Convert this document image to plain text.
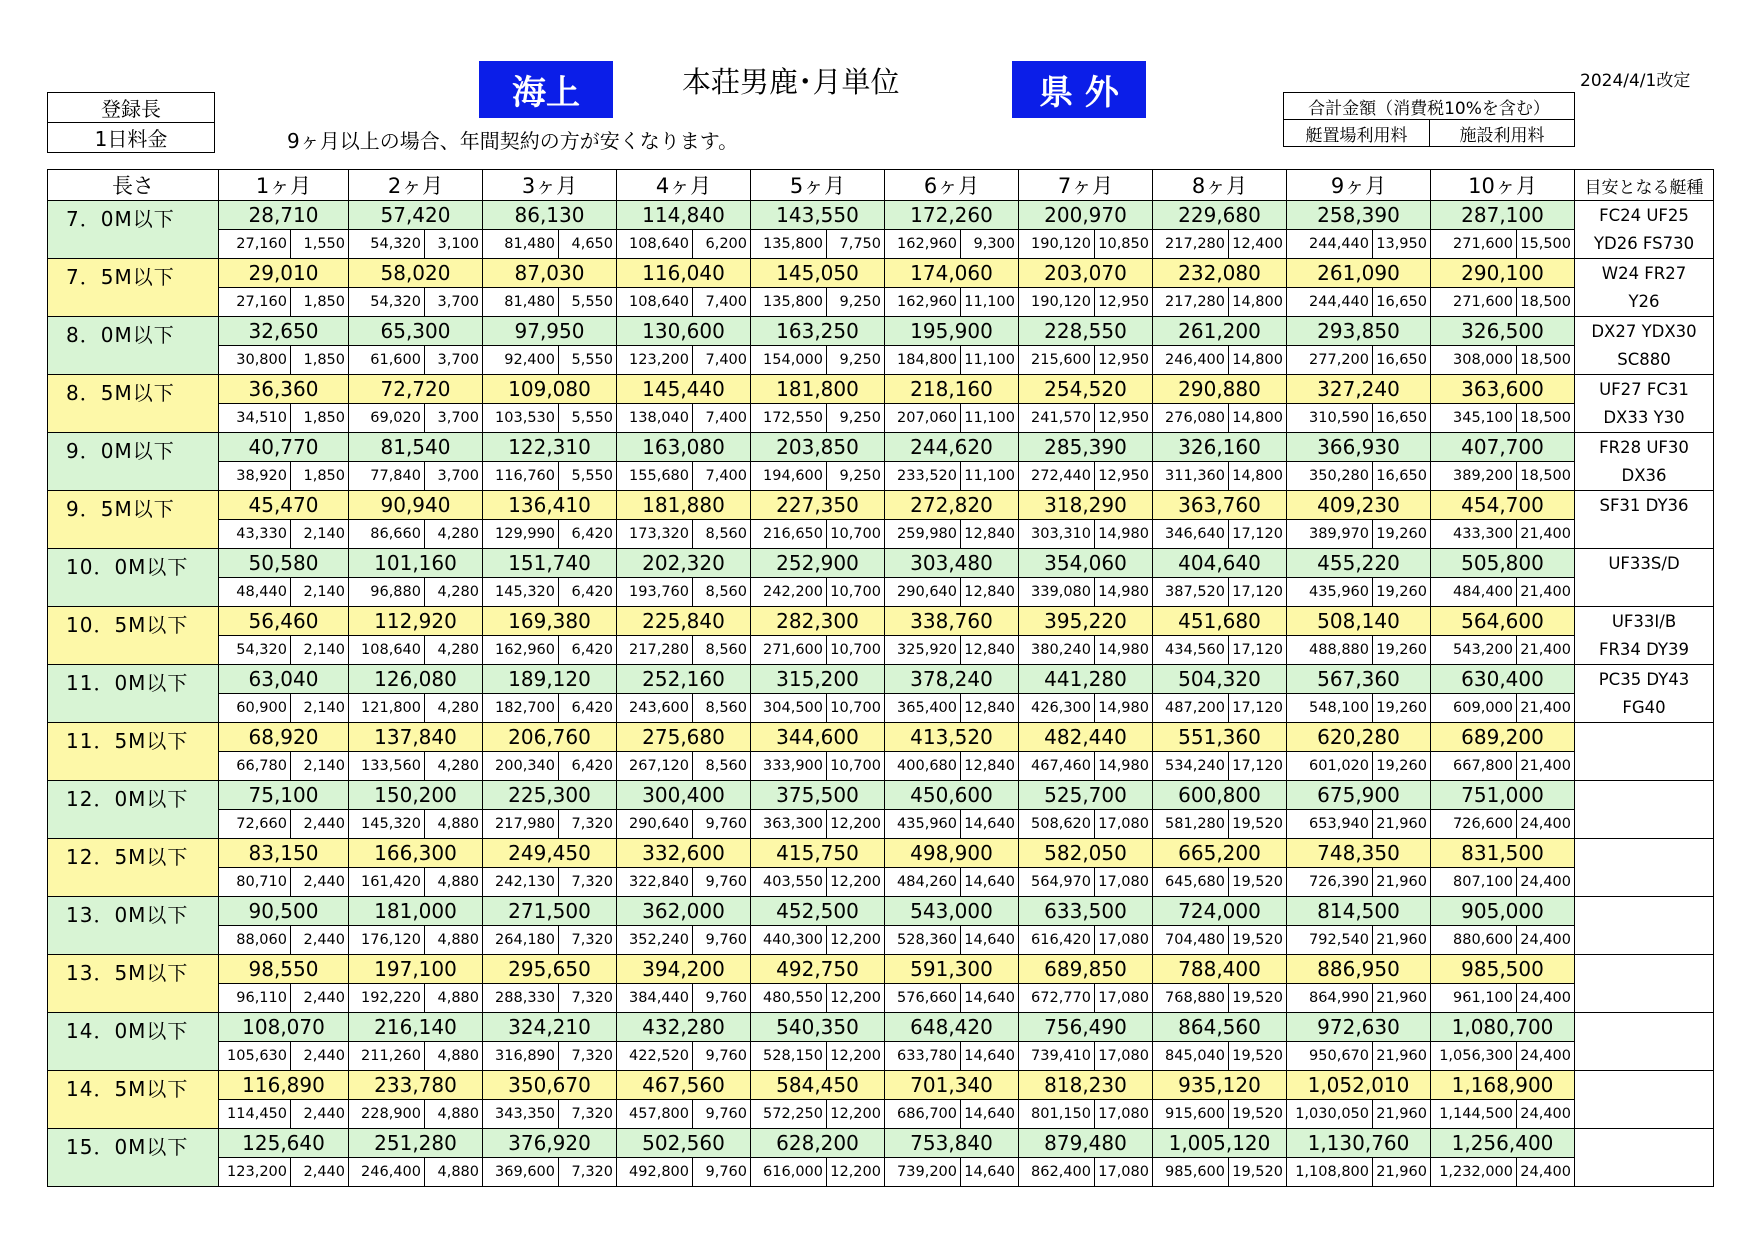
海上	本荘男鹿･月単位	県 外	2024/4/1改定
登録長
1日料金	9ヶ月以上の場合、年間契約の方が安くなります。
合計金額（消費税10%を含む）
艇置場利用料	施設利用料
長さ	1ヶ月		2ヶ月		3ヶ月		4ヶ月		5ヶ月		6ヶ月		7ヶ月		8ヶ月		9ヶ月		10ヶ月		目安となる艇種
7．0M以下	28,710		57,420		86,130		114,840		143,550		172,260		200,970		229,680		258,390		287,100		FC24 UF25
	27,160	1,550	54,320	3,100	81,480	4,650	108,640	6,200	135,800	7,750	162,960	9,300	190,120	10,850	217,280	12,400	244,440	13,950	271,600	15,500	YD26 FS730
7．5M以下	29,010		58,020		87,030		116,040		145,050		174,060		203,070		232,080		261,090		290,100		W24 FR27
	27,160	1,850	54,320	3,700	81,480	5,550	108,640	7,400	135,800	9,250	162,960	11,100	190,120	12,950	217,280	14,800	244,440	16,650	271,600	18,500	Y26
8．0M以下	32,650		65,300		97,950		130,600		163,250		195,900		228,550		261,200		293,850		326,500		DX27 YDX30
	30,800	1,850	61,600	3,700	92,400	5,550	123,200	7,400	154,000	9,250	184,800	11,100	215,600	12,950	246,400	14,800	277,200	16,650	308,000	18,500	SC880
8．5M以下	36,360		72,720		109,080		145,440		181,800		218,160		254,520		290,880		327,240		363,600		UF27 FC31
	34,510	1,850	69,020	3,700	103,530	5,550	138,040	7,400	172,550	9,250	207,060	11,100	241,570	12,950	276,080	14,800	310,590	16,650	345,100	18,500	DX33 Y30
9．0M以下	40,770		81,540		122,310		163,080		203,850		244,620		285,390		326,160		366,930		407,700		FR28 UF30
	38,920	1,850	77,840	3,700	116,760	5,550	155,680	7,400	194,600	9,250	233,520	11,100	272,440	12,950	311,360	14,800	350,280	16,650	389,200	18,500	DX36
9．5M以下	45,470		90,940		136,410		181,880		227,350		272,820		318,290		363,760		409,230		454,700		SF31 DY36
	43,330	2,140	86,660	4,280	129,990	6,420	173,320	8,560	216,650	10,700	259,980	12,840	303,310	14,980	346,640	17,120	389,970	19,260	433,300	21,400	
10．0M以下	50,580		101,160		151,740		202,320		252,900		303,480		354,060		404,640		455,220		505,800		UF33S/D
	48,440	2,140	96,880	4,280	145,320	6,420	193,760	8,560	242,200	10,700	290,640	12,840	339,080	14,980	387,520	17,120	435,960	19,260	484,400	21,400	
10．5M以下	56,460		112,920		169,380		225,840		282,300		338,760		395,220		451,680		508,140		564,600		UF33I/B
	54,320	2,140	108,640	4,280	162,960	6,420	217,280	8,560	271,600	10,700	325,920	12,840	380,240	14,980	434,560	17,120	488,880	19,260	543,200	21,400	FR34 DY39
11．0M以下	63,040		126,080		189,120		252,160		315,200		378,240		441,280		504,320		567,360		630,400		PC35 DY43
	60,900	2,140	121,800	4,280	182,700	6,420	243,600	8,560	304,500	10,700	365,400	12,840	426,300	14,980	487,200	17,120	548,100	19,260	609,000	21,400	FG40
11．5M以下	68,920		137,840		206,760		275,680		344,600		413,520		482,440		551,360		620,280		689,200		
	66,780	2,140	133,560	4,280	200,340	6,420	267,120	8,560	333,900	10,700	400,680	12,840	467,460	14,980	534,240	17,120	601,020	19,260	667,800	21,400	
12．0M以下	75,100		150,200		225,300		300,400		375,500		450,600		525,700		600,800		675,900		751,000		
	72,660	2,440	145,320	4,880	217,980	7,320	290,640	9,760	363,300	12,200	435,960	14,640	508,620	17,080	581,280	19,520	653,940	21,960	726,600	24,400	
12．5M以下	83,150		166,300		249,450		332,600		415,750		498,900		582,050		665,200		748,350		831,500		
	80,710	2,440	161,420	4,880	242,130	7,320	322,840	9,760	403,550	12,200	484,260	14,640	564,970	17,080	645,680	19,520	726,390	21,960	807,100	24,400	
13．0M以下	90,500		181,000		271,500		362,000		452,500		543,000		633,500		724,000		814,500		905,000		
	88,060	2,440	176,120	4,880	264,180	7,320	352,240	9,760	440,300	12,200	528,360	14,640	616,420	17,080	704,480	19,520	792,540	21,960	880,600	24,400	
13．5M以下	98,550		197,100		295,650		394,200		492,750		591,300		689,850		788,400		886,950		985,500		
	96,110	2,440	192,220	4,880	288,330	7,320	384,440	9,760	480,550	12,200	576,660	14,640	672,770	17,080	768,880	19,520	864,990	21,960	961,100	24,400	
14．0M以下	108,070		216,140		324,210		432,280		540,350		648,420		756,490		864,560		972,630		1,080,700		
	105,630	2,440	211,260	4,880	316,890	7,320	422,520	9,760	528,150	12,200	633,780	14,640	739,410	17,080	845,040	19,520	950,670	21,960	1,056,300	24,400	
14．5M以下	116,890		233,780		350,670		467,560		584,450		701,340		818,230		935,120		1,052,010		1,168,900		
	114,450	2,440	228,900	4,880	343,350	7,320	457,800	9,760	572,250	12,200	686,700	14,640	801,150	17,080	915,600	19,520	1,030,050	21,960	1,144,500	24,400	
15．0M以下	125,640		251,280		376,920		502,560		628,200		753,840		879,480		1,005,120		1,130,760		1,256,400		
	123,200	2,440	246,400	4,880	369,600	7,320	492,800	9,760	616,000	12,200	739,200	14,640	862,400	17,080	985,600	19,520	1,108,800	21,960	1,232,000	24,400	
